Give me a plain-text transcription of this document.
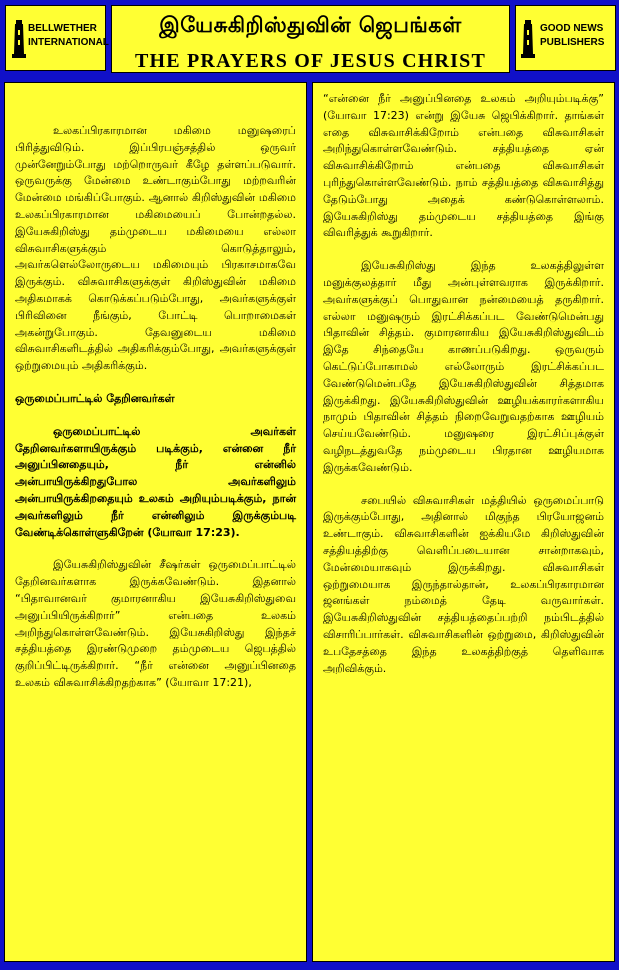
BELLWETHER
INTERNATIONAL
இயேசுகிறிஸ்துவின் ஜெபங்கள்
THE PRAYERS OF JESUS CHRIST
GOOD NEWS
PUBLISHERS

உலகப்பிரகாரமான மகிமை மனுஷரைப் பிரித்துவிடும். இப்பிரபஞ்சத்தில் ஒருவர் முன்னேறும்போது மற்றொருவர் கீழே தள்ளப்படுவார். ஒருவருக்கு மேன்மை உண்டாகும்போது மற்றவரின் மேன்மை மங்கிப்போகும். ஆனால் கிறிஸ்துவின் மகிமை உலகப்பிரகாரமான மகிமையைப் போன்றதல்ல. இயேசுகிறிஸ்து தம்முடைய மகிமையை எல்லா விசுவாசிகளுக்கும் கொடுத்தாலும், அவர்களெல்லோருடைய மகிமையும் பிரகாசமாகவே இருக்கும். விசுவாசிகளுக்குள் கிறிஸ்துவின் மகிமை அதிகமாகக் கொடுக்கப்படும்போது, அவர்களுக்குள் பிரிவினை நீங்கும், போட்டி பொறாமைகள் அகன்றுபோகும். தேவனுடைய மகிமை விசுவாசிகளிடத்தில் அதிகரிக்கும்போது, அவர்களுக்குள் ஒற்றுமையும் அதிகரிக்கும்.

ஒருமைப்பாட்டில் தேறினவர்கள்

ஒருமைப்பாட்டில் அவர்கள் தேறினவர்களாயிருக்கும் படிக்கும், என்னை நீர் அனுப்பினதையும், நீர் என்னில் அன்பாயிருக்கிறதுபோல அவர்களிலும் அன்பாயிருக்கிறதையும் உலகம் அறியும்படிக்கும், நான் அவர்களிலும் நீர் என்னிலும் இருக்கும்படி வேண்டிக்கொள்ளுகிறேன் (யோவா 17:23).

இயேசுகிறிஸ்துவின் சீஷர்கள் ஒருமைப்பாட்டில் தேறினவர்களாக இருக்கவேண்டும். இதனால் “பிதாவானவர் குமாரனாகிய இயேசுகிறிஸ்துவை அனுப்பியிருக்கிறார்” என்பதை உலகம் அறிந்துகொள்ளவேண்டும். இயேசுகிறிஸ்து இந்தச் சத்தியத்தை இரண்டுமுறை தம்முடைய ஜெபத்தில் குறிப்பிட்டிருக்கிறார். “நீர் என்னை அனுப்பினதை உலகம் விசுவாசிக்கிறதற்காக” (யோவா 17:21),

“என்னை நீர் அனுப்பினதை உலகம் அறியும்படிக்கு” (யோவா 17:23) என்று இயேசு ஜெபிக்கிறார். தாங்கள் எதை விசுவாசிக்கிறோம் என்பதை விசுவாசிகள் அறிந்துகொள்ளவேண்டும். சத்தியத்தை ஏன் விசுவாசிக்கிறோம் என்பதை விசுவாசிகள் புரிந்துகொள்ளவேண்டும். நாம் சத்தியத்தை விசுவாசித்து தேடும்போது அதைக் கண்டுகொள்ளலாம். இயேசுகிறிஸ்து தம்முடைய சத்தியத்தை இங்கு விவரித்துக் கூறுகிறார்.

இயேசுகிறிஸ்து இந்த உலகத்திலுள்ள மனுக்குலத்தார் மீது அன்புள்ளவராக இருக்கிறார். அவர்களுக்குப் பொதுவான நன்மையைத் தருகிறார். எல்லா மனுஷரும் இரட்சிக்கப்பட வேண்டுமென்பது பிதாவின் சித்தம். குமாரனாகிய இயேசுகிறிஸ்துவிடம் இதே சிந்தையே காணப்படுகிறது. ஒருவரும் கெட்டுப்போகாமல் எல்லோரும் இரட்சிக்கப்பட வேண்டுமென்பதே இயேசுகிறிஸ்துவின் சித்தமாக இருக்கிறது. இயேசுகிறிஸ்துவின் ஊழியக்காரர்களாகிய நாமும் பிதாவின் சித்தம் நிறைவேறுவதற்காக ஊழியம் செய்யவேண்டும். மனுஷரை இரட்சிப்புக்குள் வழிநடத்துவதே நம்முடைய பிரதான ஊழியமாக இருக்கவேண்டும்.

சபையில் விசுவாசிகள் மத்தியில் ஒருமைப்பாடு இருக்கும்போது, அதினால் மிகுந்த பிரயோஜனம் உண்டாகும். விசுவாசிகளின் ஐக்கியமே கிறிஸ்துவின் சத்தியத்திற்கு வெளிப்படையான சான்றாகவும், மேன்மையாகவும் இருக்கிறது. விசுவாசிகள் ஒற்றுமையாக இருந்தால்தான், உலகப்பிரகாரமான ஜனங்கள் நம்மைத் தேடி வருவார்கள். இயேசுகிறிஸ்துவின் சத்தியத்தைப்பற்றி நம்பிடத்தில் விசாரிப்பார்கள். விசுவாசிகளின் ஒற்றுமை, கிறிஸ்துவின் உபதேசத்தை இந்த உலகத்திற்குத் தெளிவாக அறிவிக்கும்.
